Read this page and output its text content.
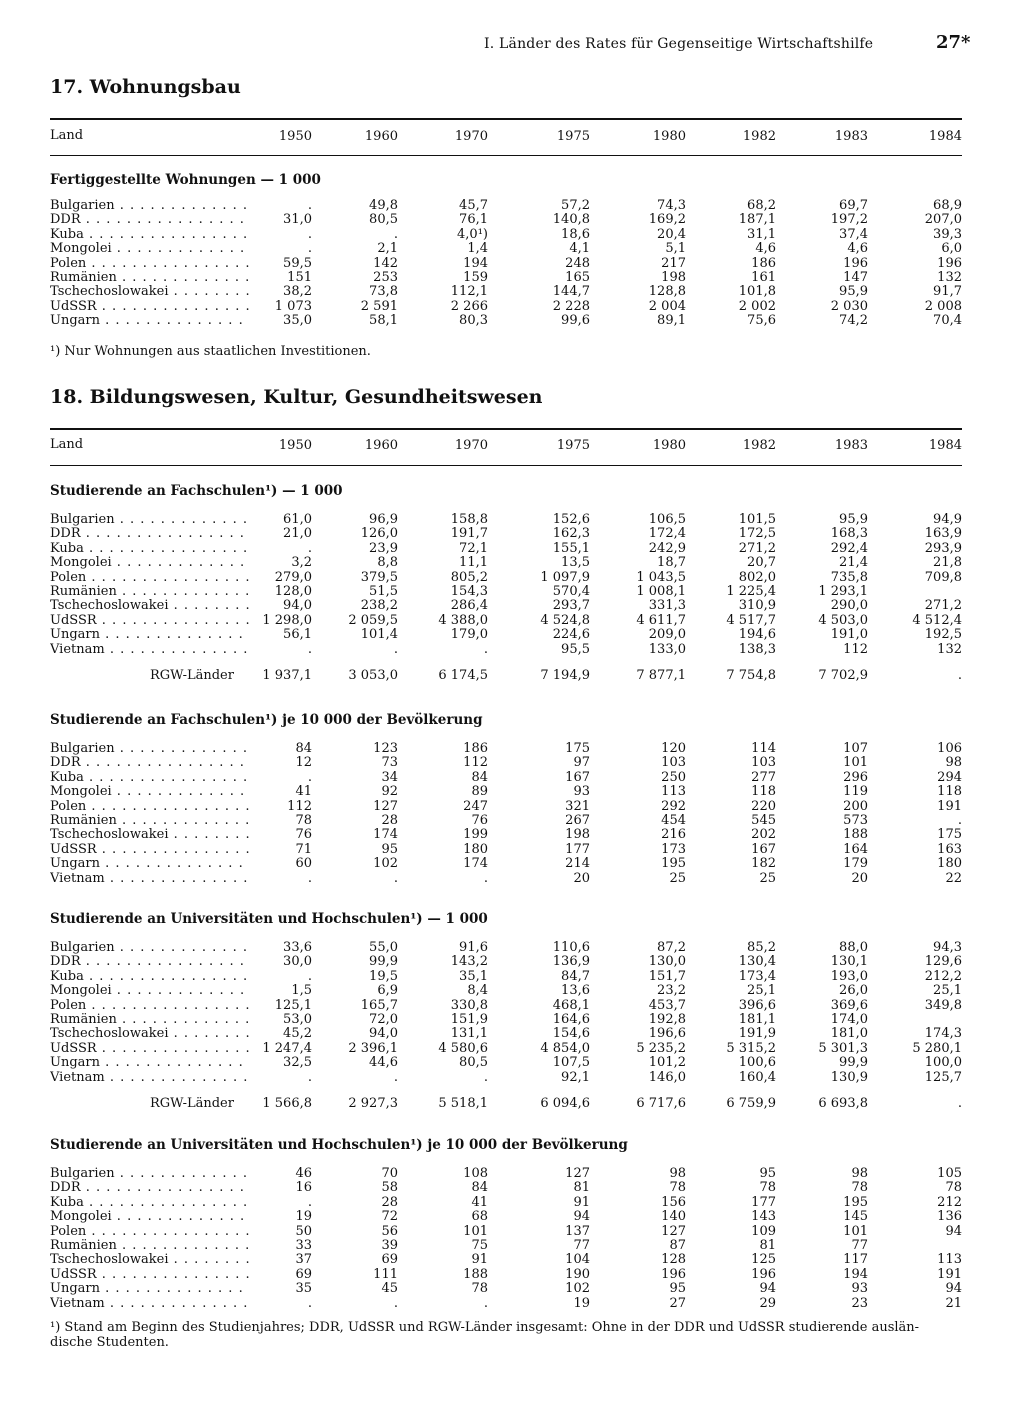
I. Länder des Rates für Gegenseitige Wirtschaftshilfe	27*
17. Wohnungsbau
Land	1950	1960	1970	1975	1980	1982	1983	1984
Fertiggestellte Wohnungen — 1 000
Bulgarien . . .	.	49,8	45,7	57,2	74,3	68,2	69,7	68,9
DDR . . .	31,0	80,5	76,1	140,8	169,2	187,1	197,2	207,0
Kuba . . .	.	.	4,0¹)	18,6	20,4	31,1	37,4	39,3
Mongolei . . .	.	2,1	1,4	4,1	5,1	4,6	4,6	6,0
Polen . . .	59,5	142	194	248	217	186	196	196
Rumänien . . .	151	253	159	165	198	161	147	132
Tschechoslowakei . . .	38,2	73,8	112,1	144,7	128,8	101,8	95,9	91,7
UdSSR . . .	1 073	2 591	2 266	2 228	2 004	2 002	2 030	2 008
Ungarn . . .	35,0	58,1	80,3	99,6	89,1	75,6	74,2	70,4
¹) Nur Wohnungen aus staatlichen Investitionen.
18. Bildungswesen, Kultur, Gesundheitswesen
Land	1950	1960	1970	1975	1980	1982	1983	1984
Studierende an Fachschulen¹) — 1 000
Bulgarien . . .	61,0	96,9	158,8	152,6	106,5	101,5	95,9	94,9
DDR . . .	21,0	126,0	191,7	162,3	172,4	172,5	168,3	163,9
Kuba . . .	.	23,9	72,1	155,1	242,9	271,2	292,4	293,9
Mongolei . . .	3,2	8,8	11,1	13,5	18,7	20,7	21,4	21,8
Polen . . .	279,0	379,5	805,2	1 097,9	1 043,5	802,0	735,8	709,8
Rumänien . . .	128,0	51,5	154,3	570,4	1 008,1	1 225,4	1 293,1
Tschechoslowakei . . .	94,0	238,2	286,4	293,7	331,3	310,9	290,0	271,2
UdSSR . . .	1 298,0	2 059,5	4 388,0	4 524,8	4 611,7	4 517,7	4 503,0	4 512,4
Ungarn . . .	56,1	101,4	179,0	224,6	209,0	194,6	191,0	192,5
Vietnam . . .	.	.	.	95,5	133,0	138,3	112	132
RGW-Länder	1 937,1	3 053,0	6 174,5	7 194,9	7 877,1	7 754,8	7 702,9	.
Studierende an Fachschulen¹) je 10 000 der Bevölkerung
Bulgarien . . .	84	123	186	175	120	114	107	106
DDR . . .	12	73	112	97	103	103	101	98
Kuba . . .	.	34	84	167	250	277	296	294
Mongolei . . .	41	92	89	93	113	118	119	118
Polen . . .	112	127	247	321	292	220	200	191
Rumänien . . .	78	28	76	267	454	545	573	.
Tschechoslowakei . . .	76	174	199	198	216	202	188	175
UdSSR . . .	71	95	180	177	173	167	164	163
Ungarn . . .	60	102	174	214	195	182	179	180
Vietnam . . .	.	.	.	20	25	25	20	22
Studierende an Universitäten und Hochschulen¹) — 1 000
Bulgarien . . .	33,6	55,0	91,6	110,6	87,2	85,2	88,0	94,3
DDR . . .	30,0	99,9	143,2	136,9	130,0	130,4	130,1	129,6
Kuba . . .	.	19,5	35,1	84,7	151,7	173,4	193,0	212,2
Mongolei . . .	1,5	6,9	8,4	13,6	23,2	25,1	26,0	25,1
Polen . . .	125,1	165,7	330,8	468,1	453,7	396,6	369,6	349,8
Rumänien . . .	53,0	72,0	151,9	164,6	192,8	181,1	174,0
Tschechoslowakei . . .	45,2	94,0	131,1	154,6	196,6	191,9	181,0	174,3
UdSSR . . .	1 247,4	2 396,1	4 580,6	4 854,0	5 235,2	5 315,2	5 301,3	5 280,1
Ungarn . . .	32,5	44,6	80,5	107,5	101,2	100,6	99,9	100,0
Vietnam . . .	.	.	.	92,1	146,0	160,4	130,9	125,7
RGW-Länder	1 566,8	2 927,3	5 518,1	6 094,6	6 717,6	6 759,9	6 693,8	.
Studierende an Universitäten und Hochschulen¹) je 10 000 der Bevölkerung
Bulgarien . . .	46	70	108	127	98	95	98	105
DDR . . .	16	58	84	81	78	78	78	78
Kuba . . .	.	28	41	91	156	177	195	212
Mongolei . . .	19	72	68	94	140	143	145	136
Polen . . .	50	56	101	137	127	109	101	94
Rumänien . . .	33	39	75	77	87	81	77
Tschechoslowakei . . .	37	69	91	104	128	125	117	113
UdSSR . . .	69	111	188	190	196	196	194	191
Ungarn . . .	35	45	78	102	95	94	93	94
Vietnam . . .	.	.	.	19	27	29	23	21
¹) Stand am Beginn des Studienjahres; DDR, UdSSR und RGW-Länder insgesamt: Ohne in der DDR und UdSSR studierende auslän-
dische Studenten.
